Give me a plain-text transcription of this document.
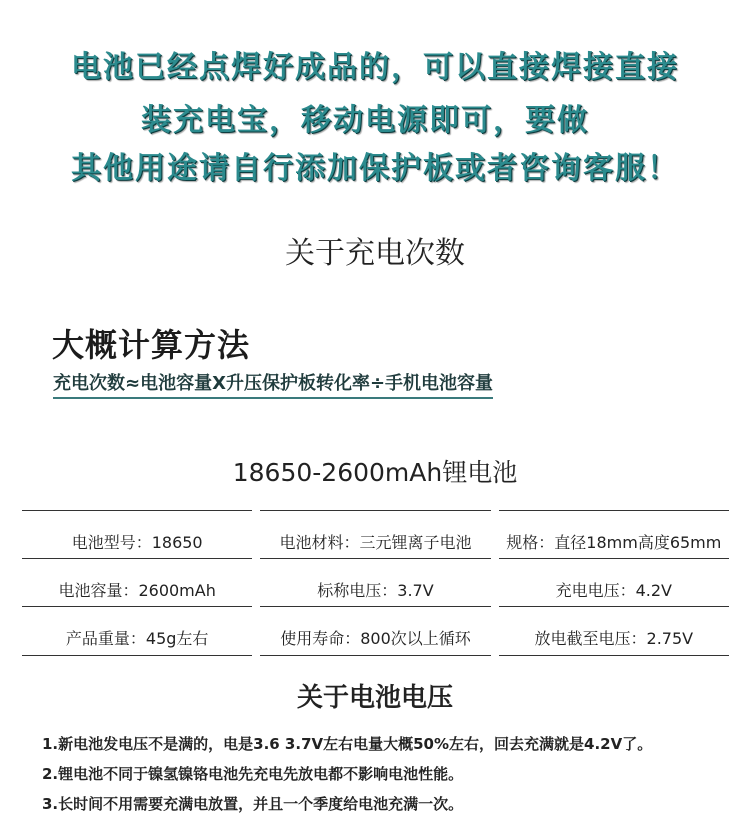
电池已经点焊好成品的，可以直接焊接直接
装充电宝，移动电源即可，要做
其他用途请自行添加保护板或者咨询客服！
关于充电次数
大概计算方法
充电次数≈电池容量X升压保护板转化率÷手机电池容量
18650-2600mAh锂电池
电池型号：18650	电池材料：三元锂离子电池	规格：直径18mm高度65mm
电池容量：2600mAh	标称电压：3.7V	充电电压：4.2V
产品重量：45g左右	使用寿命：800次以上循环	放电截至电压：2.75V
关于电池电压
1.新电池发电压不是满的，电是3.6 3.7V左右电量大概50%左右，回去充满就是4.2V了。
2.锂电池不同于镍氢镍铬电池先充电先放电都不影响电池性能。
3.长时间不用需要充满电放置，并且一个季度给电池充满一次。
